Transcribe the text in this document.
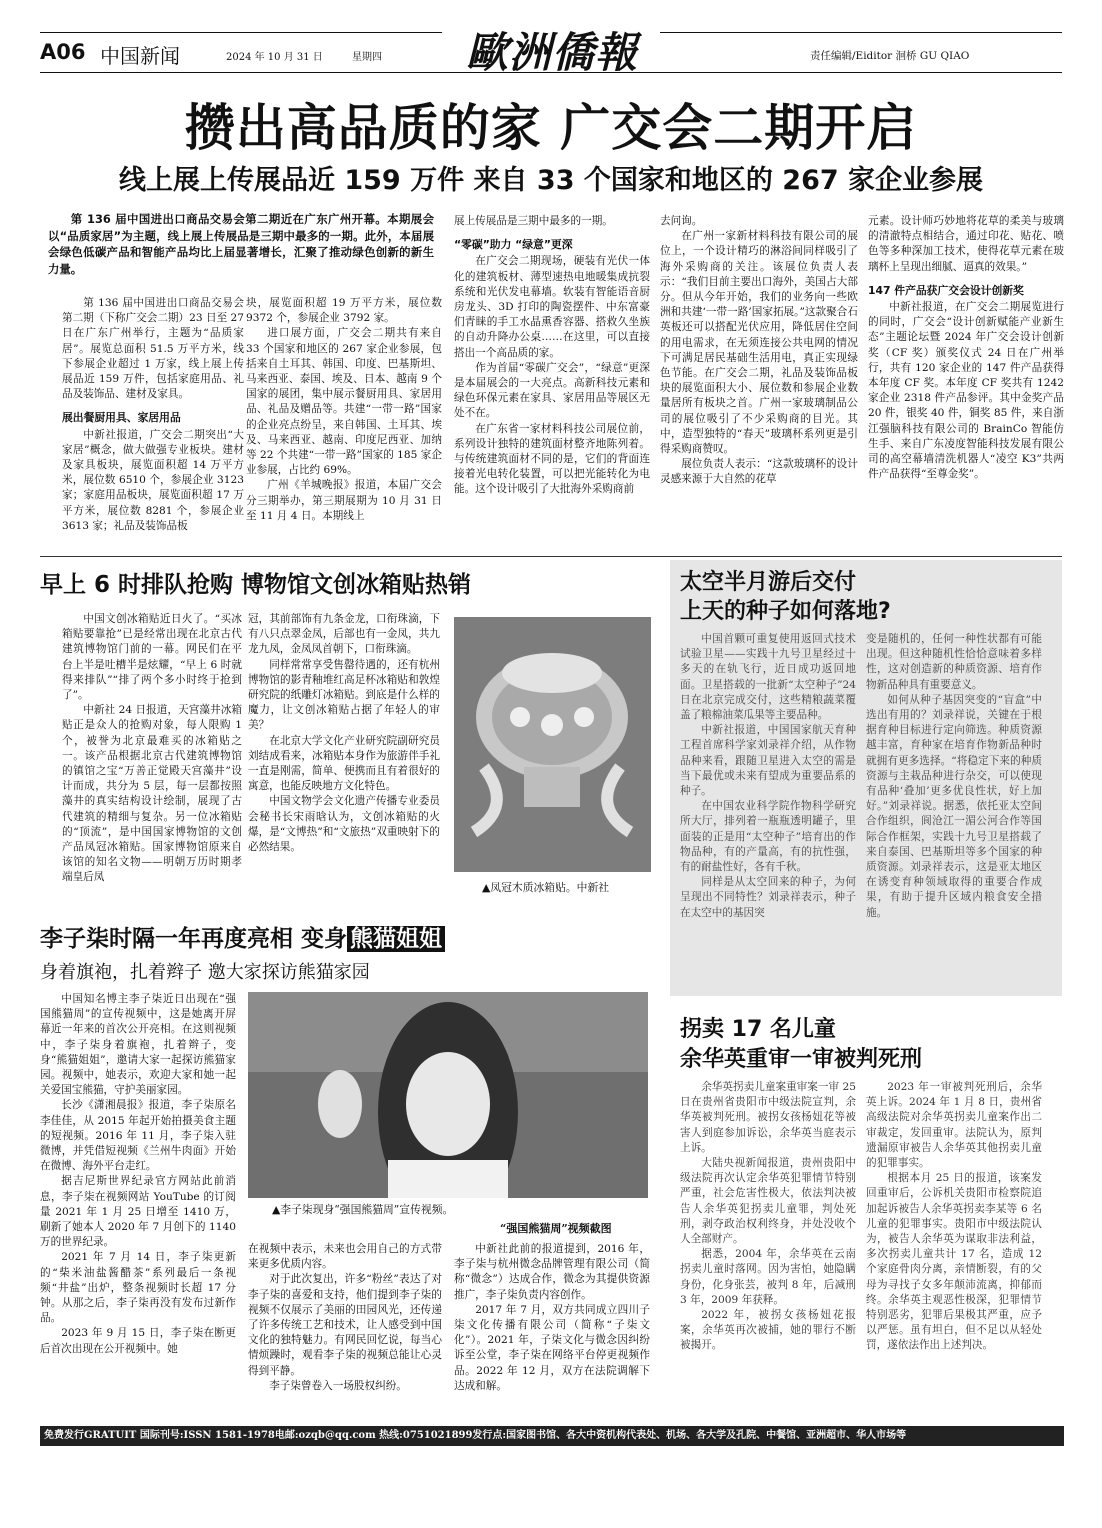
A06 中国新闻	2024 年 10 月 31 日	星期四 歐洲僑報	责任编辑/Eiditor 洄桥 GU QIAO
攒出高品质的家 广交会二期开启
线上展上传展品近 159 万件 来自 33 个国家和地区的 267 家企业参展
第 136 届中国进出口商品交易会第二期近在广东广州开幕。本期展会以“品质家居”为主题，线上展上传展品是三期中最多的一期。此外，本届展会绿色低碳产品和智能产品均比上届显著增长，汇聚了推动绿色创新的新生力量。

第 136 届中国进出口商品交易会第二期（下称广交会二期）23 日至 27 日在广东广州举行，主题为“品质家居”。展览总面积 51.5 万平方米，线下参展企业超过 1 万家，线上展上传展品近 159 万件，包括家庭用品、礼品及装饰品、建材及家具。

展出餐厨用具、家居用品

中新社报道，广交会二期突出“大家居”概念，做大做强专业板块。建材及家具板块，展览面积超 14 万平方米，展位数 6510 个，参展企业 3123 家；家庭用品板块，展览面积超 17 万平方米，展位数 8281 个，参展企业 3613 家；礼品及装饰品板

块，展览面积超 19 万平方米，展位数 9372 个，参展企业 3792 家。

进口展方面，广交会二期共有来自 33 个国家和地区的 267 家企业参展，包括来自土耳其、韩国、印度、巴基斯坦、马来西亚、泰国、埃及、日本、越南 9 个国家的展团，集中展示餐厨用具、家居用品、礼品及赠品等。共建“一带一路”国家的企业亮点纷呈，来自韩国、土耳其、埃及、马来西亚、越南、印度尼西亚、加纳等 22 个共建“一带一路”国家的 185 家企业参展，占比约 69%。

广州《羊城晚报》报道，本届广交会分三期举办，第三期展期为 10 月 31 日至 11 月 4 日。本期线上

展上传展品是三期中最多的一期。

“零碳”助力 “绿意”更深

在广交会二期现场，硬装有光伏一体化的建筑板材、薄型速热电地暖集成抗裂系统和光伏发电幕墙。软装有智能语音厨房龙头、3D 打印的陶瓷摆件、中东富豪们青睐的手工水晶熏香容器、搭救久坐族的自动升降办公桌……在这里，可以直接搭出一个高品质的家。

作为首届“零碳广交会”，“绿意”更深是本届展会的一大亮点。高新科技元素和绿色环保元素在家具、家居用品等展区无处不在。

在广东省一家材料科技公司展位前，系列设计独特的建筑面材整齐地陈列着。与传统建筑面材不同的是，它们的背面连接着光电转化装置，可以把光能转化为电能。这个设计吸引了大批海外采购商前

去问询。

在广州一家新材料科技有限公司的展位上，一个设计精巧的淋浴间同样吸引了海外采购商的关注。该展位负责人表示：“我们目前主要出口海外，美国占大部分。但从今年开始，我们的业务向一些欧洲和共建‘一带一路’国家拓展。”这款聚合石英板还可以搭配光伏应用，降低居住空间的用电需求，在无须连接公共电网的情况下可满足居民基础生活用电，真正实现绿色节能。在广交会二期，礼品及装饰品板块的展览面积大小、展位数和参展企业数量居所有板块之首。广州一家玻璃制品公司的展位吸引了不少采购商的目光。其中，造型独特的“春天”玻璃杯系列更是引得采购商赞叹。

展位负责人表示：“这款玻璃杯的设计灵感来源于大自然的花草

元素。设计师巧妙地将花草的柔美与玻璃的清澈特点相结合，通过印花、贴花、喷色等多种深加工技术，使得花草元素在玻璃杯上呈现出细腻、逼真的效果。”

147 件产品获广交会设计创新奖

中新社报道，在广交会二期展览进行的同时，广交会“设计创新赋能产业新生态”主题论坛暨 2024 年广交会设计创新奖（CF 奖）颁奖仪式 24 日在广州举行，共有 120 家企业的 147 件产品获得本年度 CF 奖。本年度 CF 奖共有 1242 家企业 2318 件产品参评。其中金奖产品 20 件，银奖 40 件，铜奖 85 件，来自浙江强脑科技有限公司的 BrainCo 智能仿生手、来自广东凌度智能科技发展有限公司的高空幕墙清洗机器人“凌空 K3”共两件产品获得“至尊金奖”。

早上 6 时排队抢购 博物馆文创冰箱贴热销

中国文创冰箱贴近日火了。“买冰箱贴要靠抢”已是经常出现在北京古代建筑博物馆门前的一幕。网民们在平台上半是吐槽半是炫耀，“早上 6 时就得来排队”“排了两个多小时终于抢到了”。

中新社 24 日报道，天宫藻井冰箱贴正是众人的抢购对象，每人限购 1 个，被誉为北京最难买的冰箱贴之一。该产品根据北京古代建筑博物馆的镇馆之宝“万善正觉殿天宫藻井”设计而成，共分为 5 层，每一层都按照藻井的真实结构设计绘制，展现了古代建筑的精细与复杂。另一位冰箱贴的“顶流”，是中国国家博物馆的文创产品凤冠冰箱贴。国家博物馆原来自该馆的知名文物——明朝万历时期孝端皇后凤

冠，其前部饰有九条金龙，口衔珠滴，下有八只点翠金凤，后部也有一金凤，共九龙九凤，金凤凤首朝下，口衔珠滴。

同样常常享受售罄待遇的，还有杭州博物馆的影青釉堆红高足杯冰箱贴和敦煌研究院的纸雕灯冰箱贴。到底是什么样的魔力，让文创冰箱贴占据了年轻人的审美？

在北京大学文化产业研究院副研究员刘结成看来，冰箱贴本身作为旅游伴手礼一直是刚需，简单、便携而且有着很好的寓意，也能反映地方文化特色。

中国文物学会文化遗产传播专业委员会秘书长宋雨晗认为，文创冰箱贴的火爆，是“文博热”和“文旅热”双重映射下的必然结果。

▲凤冠木质冰箱贴。中新社
太空半月游后交付
上天的种子如何落地?

中国首颗可重复使用返回式技术试验卫星——实践十九号卫星经过十多天的在轨飞行，近日成功返回地面。卫星搭载的一批新“太空种子”24 日在北京完成交付，这些精粮蔬菜覆盖了粮棉油菜瓜果等主要品种。

中新社报道，中国国家航天育种工程首席科学家刘录祥介绍，从作物品种来看，跟随卫星进入太空的需是当下最优或未来有望成为重要品系的种子。

在中国农业科学院作物科学研究所大厅，排列着一瓶瓶透明罐子，里面装的正是用“太空种子”培育出的作物品种，有的产量高，有的抗性强，有的耐盐性好，各有千秋。

同样是从太空回来的种子，为何呈现出不同特性？刘录祥表示，种子在太空中的基因突

变是随机的，任何一种性状都有可能出现。但这种随机性恰恰意味着多样性，这对创造新的种质资源、培育作物新品种具有重要意义。

如何从种子基因突变的“盲盒”中选出有用的？刘录祥说，关键在于根据育种目标进行定向筛选。种质资源越丰富，育种家在培育作物新品种时就拥有更多选择。“将稳定下来的种质资源与主栽品种进行杂交，可以使现有品种‘叠加’更多优良性状，好上加好。”刘录祥说。据悉，依托亚太空间合作组织，阆沧江一湄公河合作等国际合作框架，实践十九号卫星搭载了来自泰国、巴基斯坦等多个国家的种质资源。刘录祥表示，这是亚太地区在诱变育种领域取得的重要合作成果，有助于提升区域内粮食安全措施。

拐卖 17 名儿童
余华英重审一审被判死刑

余华英拐卖儿童案重审案一审 25 日在贵州省贵阳市中级法院宣判，余华英被判死刑。被拐女孩杨妞花等被害人到庭参加诉讼，余华英当庭表示上诉。

大陆央视新闻报道，贵州贵阳中级法院再次认定余华英犯罪情节特别严重，社会危害性极大，依法判决被告人余华英犯拐卖儿童罪，判处死刑，剥夺政治权利终身，并处没收个人全部财产。

据悉，2004 年，余华英在云南拐卖儿童时落网。因为害怕，她隐瞒身份，化身张芸，被判 8 年，后减刑 3 年，2009 年获释。

2022 年，被拐女孩杨妞花报案，余华英再次被捕，她的罪行不断被揭开。

2023 年一审被判死刑后，余华英上诉。2024 年 1 月 8 日，贵州省高级法院对余华英拐卖儿童案作出二审裁定，发回重审。法院认为，原判遗漏原审被告人余华英其他拐卖儿童的犯罪事实。

根据本月 25 日的报道，该案发回重审后，公诉机关贵阳市检察院追加起诉被告人余华英拐卖李某等 6 名儿童的犯罪事实。贵阳市中级法院认为，被告人余华英为谋取非法利益，多次拐卖儿童共计 17 名，造成 12 个家庭骨肉分离，亲情断裂，有的父母为寻找子女多年颠沛流离，抑郁而终。余华英主观恶性极深，犯罪情节特别恶劣，犯罪后果极其严重，应予以严惩。虽有坦白，但不足以从轻处罚，遂依法作出上述判决。

李子柒时隔一年再度亮相 变身 熊猫姐姐
身着旗袍，扎着辫子 邀大家探访熊猫家园

中国知名博主李子柒近日出现在“强国熊猫周”的宣传视频中，这是她离开屏幕近一年来的首次公开亮相。在这则视频中，李子柒身着旗袍，扎着辫子，变身“熊猫姐姐”，邀请大家一起探访熊猫家园。视频中，她表示，欢迎大家和她一起关爱国宝熊猫，守护美丽家园。

长沙《潇湘晨报》报道，李子柒原名李佳佳，从 2015 年起开始拍摄美食主题的短视频。2016 年 11 月，李子柒入驻微博，并凭借短视频《兰州牛肉面》开始在微博、海外平台走红。

据吉尼斯世界纪录官方网站此前消息，李子柒在视频网站 YouTube 的订阅量 2021 年 1 月 25 日增至 1410 万，刷新了她本人 2020 年 7 月创下的 1140 万的世界纪录。

2021 年 7 月 14 日，李子柒更新的“柴米油盐酱醋茶”系列最后一条视频“井盐”出炉，整条视频时长超 17 分钟。从那之后，李子柒再没有发布过新作品。

2023 年 9 月 15 日，李子柒在断更后首次出现在公开视频中。她

▲李子柒现身“强国熊猫周”宣传视频。
“强国熊猫周”视频截图

在视频中表示，未来也会用自己的方式带来更多优质内容。

对于此次复出，许多“粉丝”表达了对李子柒的喜爱和支持，他们提到李子柒的视频不仅展示了美丽的田园风光，还传递了许多传统工艺和技术，让人感受到中国文化的独特魅力。有网民回忆说，每当心情烦躁时，观看李子柒的视频总能让心灵得到平静。

李子柒曾卷入一场股权纠纷。

中新社此前的报道提到，2016 年，李子柒与杭州微念品牌管理有限公司（简称“微念”）达成合作，微念为其提供资源推广，李子柒负责内容创作。

2017 年 7 月，双方共同成立四川子柒文化传播有限公司（简称“子柒文化”）。2021 年，子柒文化与微念因纠纷诉至公堂，李子柒在网络平台停更视频作品。2022 年 12 月，双方在法院调解下达成和解。

免费发行GRATUIT 国际刊号:ISSN 1581-1978电邮:ozqb@qq.com 热线:0751021899发行点:国家图书馆、各大中资机构代表处、机场、各大学及孔院、中餐馆、亚洲超市、华人市场等
